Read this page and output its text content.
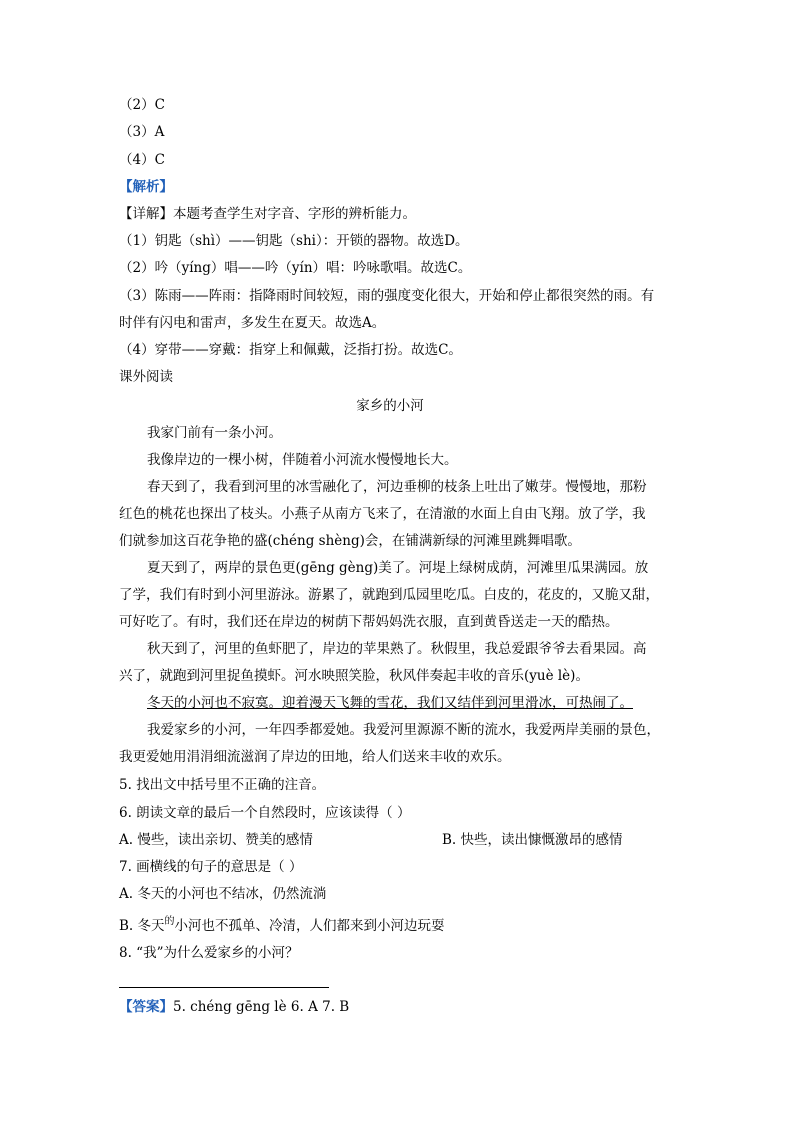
（2）C
（3）A
（4）C
【解析】
【详解】本题考查学生对字音、字形的辨析能力。
（1）钥匙（shì）——钥匙（shi）：开锁的器物。故选D。
（2）吟（yíng）唱——吟（yín）唱：吟咏歌唱。故选C。
（3）陈雨——阵雨：指降雨时间较短，雨的强度变化很大，开始和停止都很突然的雨。有
时伴有闪电和雷声，多发生在夏天。故选A。
（4）穿带——穿戴：指穿上和佩戴，泛指打扮。故选C。
课外阅读
家乡的小河
我家门前有一条小河。
我像岸边的一棵小树，伴随着小河流水慢慢地长大。
春天到了，我看到河里的冰雪融化了，河边垂柳的枝条上吐出了嫩芽。慢慢地，那粉
红色的桃花也探出了枝头。小燕子从南方飞来了，在清澈的水面上自由飞翔。放了学，我
们就参加这百花争艳的盛(chéng shèng)会，在铺满新绿的河滩里跳舞唱歌。
夏天到了，两岸的景色更(gēng gèng)美了。河堤上绿树成荫，河滩里瓜果满园。放
了学，我们有时到小河里游泳。游累了，就跑到瓜园里吃瓜。白皮的，花皮的，又脆又甜，
可好吃了。有时，我们还在岸边的树荫下帮妈妈洗衣服，直到黄昏送走一天的酷热。
秋天到了，河里的鱼虾肥了，岸边的苹果熟了。秋假里，我总爱跟爷爷去看果园。高
兴了，就跑到河里捉鱼摸虾。河水映照笑脸，秋风伴奏起丰收的音乐(yuè lè)。
冬天的小河也不寂寞。迎着漫天飞舞的雪花，我们又结伴到河里滑冰，可热闹了。
我爱家乡的小河，一年四季都爱她。我爱河里源源不断的流水，我爱两岸美丽的景色，
我更爱她用涓涓细流滋润了岸边的田地，给人们送来丰收的欢乐。
5. 找出文中括号里不正确的注音。
6. 朗读文章的最后一个自然段时，应该读得（ ）
A. 慢些，读出亲切、赞美的感情	B. 快些，读出慷慨激昂的感情
7. 画横线的句子的意思是（ ）
A. 冬天的小河也不结冰，仍然流淌
B. 冬天$^的$小河也不孤单、冷清，人们都来到小河边玩耍
8. “我”为什么爱家乡的小河？
【答案】5. chéng gēng lè 6. A 7. B
